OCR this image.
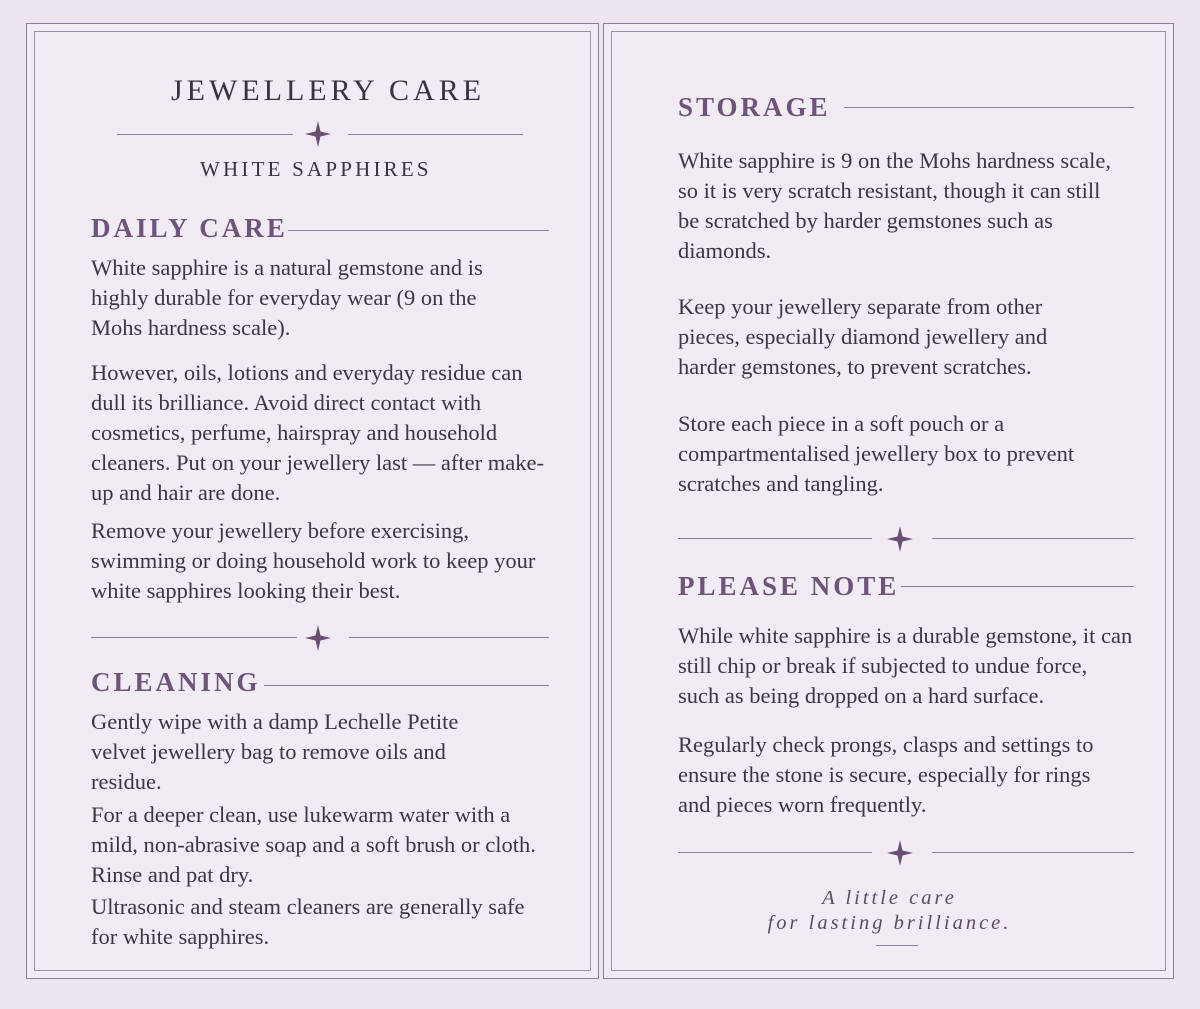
JEWELLERY CARE
WHITE SAPPHIRES
DAILY CARE
White sapphire is a natural gemstone and is highly durable for everyday wear (9 on the Mohs hardness scale).
However, oils, lotions and everyday residue can dull its brilliance. Avoid direct contact with cosmetics, perfume, hairspray and household cleaners. Put on your jewellery last — after make-up and hair are done.
Remove your jewellery before exercising, swimming or doing household work to keep your white sapphires looking their best.
CLEANING
Gently wipe with a damp Lechelle Petite velvet jewellery bag to remove oils and residue.
For a deeper clean, use lukewarm water with a mild, non-abrasive soap and a soft brush or cloth. Rinse and pat dry.
Ultrasonic and steam cleaners are generally safe for white sapphires.
STORAGE
White sapphire is 9 on the Mohs hardness scale, so it is very scratch resistant, though it can still be scratched by harder gemstones such as diamonds.
Keep your jewellery separate from other pieces, especially diamond jewellery and harder gemstones, to prevent scratches.
Store each piece in a soft pouch or a compartmentalised jewellery box to prevent scratches and tangling.
PLEASE NOTE
While white sapphire is a durable gemstone, it can still chip or break if subjected to undue force, such as being dropped on a hard surface.
Regularly check prongs, clasps and settings to ensure the stone is secure, especially for rings and pieces worn frequently.
A little care
for lasting brilliance.
